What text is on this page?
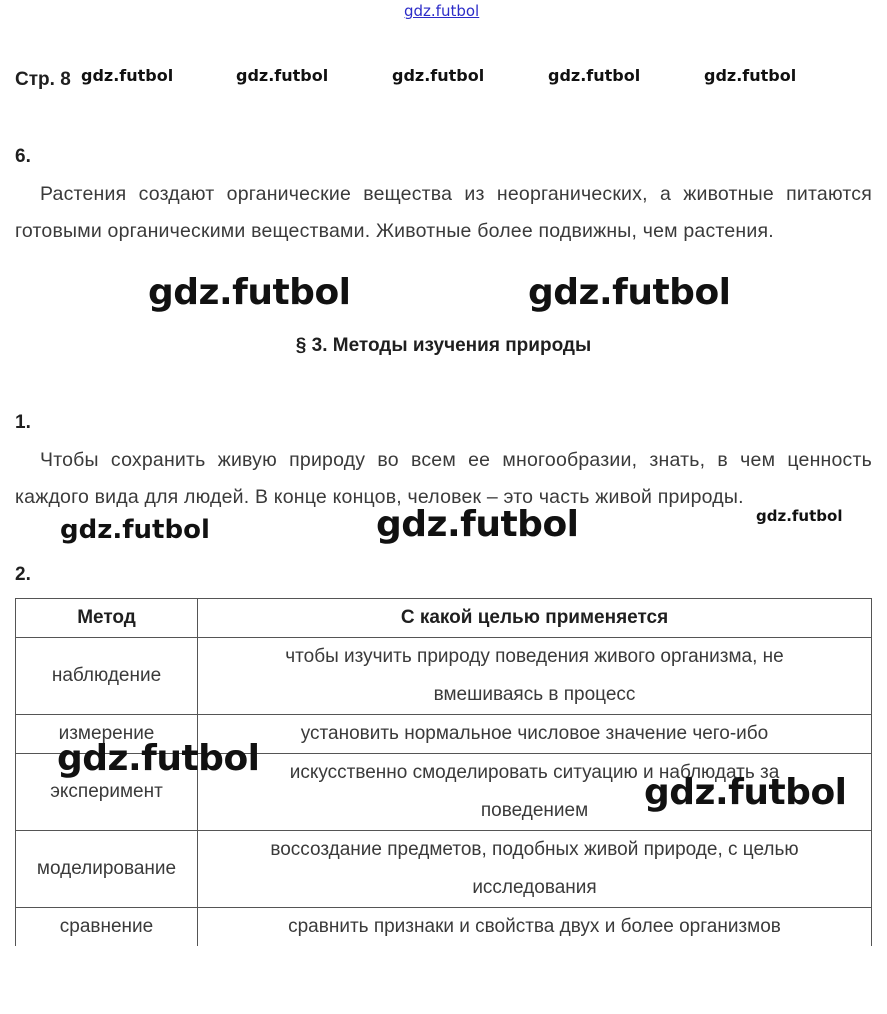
gdz.futbol
Стр. 8
6.
Растения создают органические вещества из неорганических, а животные питаются готовыми органическими веществами. Животные более подвижны, чем растения.
§ 3. Методы изучения природы
1.
Чтобы сохранить живую природу во всем ее многообразии, знать, в чем ценность каждого вида для людей. В конце концов, человек – это часть живой природы.
2.
Метод	С какой целью применяется
наблюдение	чтобы изучить природу поведения живого организма, не вмешиваясь в процесс
измерение	установить нормальное числовое значение чего-ибо
эксперимент	искусственно смоделировать ситуацию и наблюдать за поведением
моделирование	воссоздание предметов, подобных живой природе, с целью исследования
сравнение	сравнить признаки и свойства двух и более организмов
gdz.futbol	gdz.futbol	gdz.futbol	gdz.futbol	gdz.futbol
gdz.futbol	gdz.futbol
gdz.futbol	gdz.futbol	gdz.futbol
gdz.futbol
gdz.futbol
